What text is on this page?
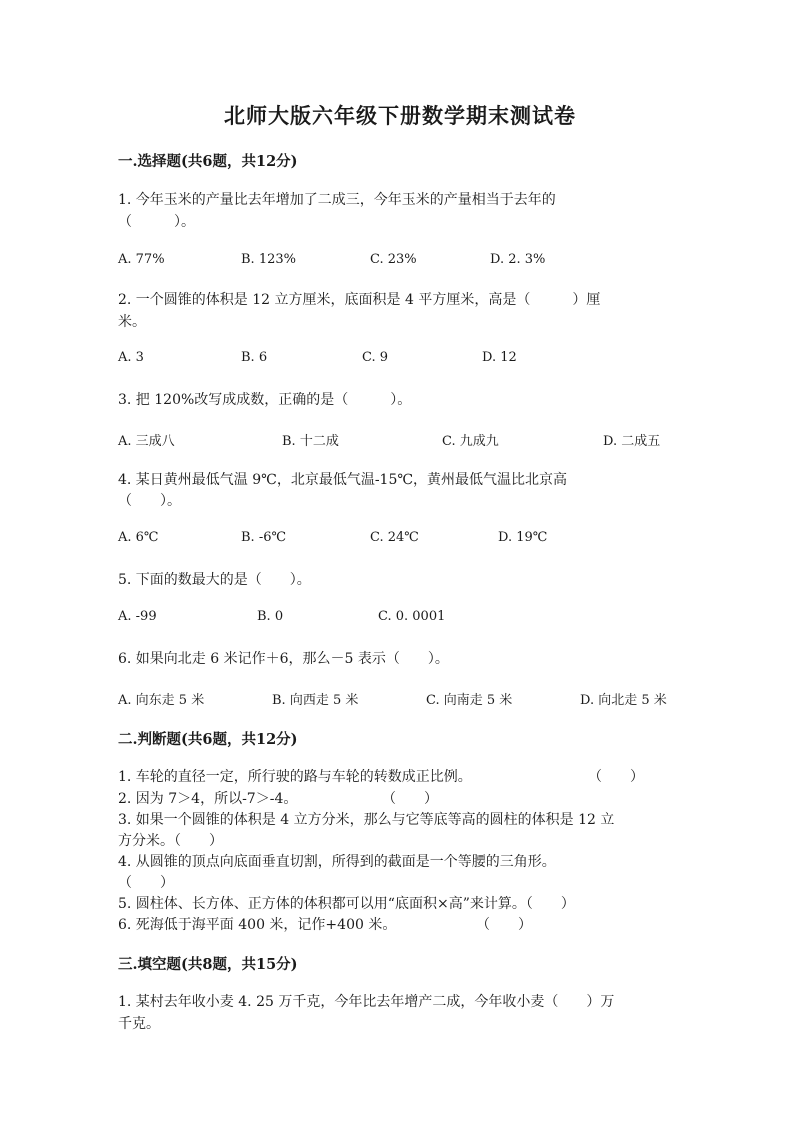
北师大版六年级下册数学期末测试卷
一.选择题(共6题，共12分)
1. 今年玉米的产量比去年增加了二成三，今年玉米的产量相当于去年的
（　　　）。
A. 77%	B. 123%	C. 23%	D. 2. 3%
2. 一个圆锥的体积是 12 立方厘米，底面积是 4 平方厘米，高是（　　　）厘
米。
A. 3	B. 6	C. 9	D. 12
3. 把 120%改写成成数，正确的是（　　　）。
A. 三成八	B. 十二成	C. 九成九	D. 二成五
4. 某日黄州最低气温 9℃，北京最低气温-15℃，黄州最低气温比北京高
（　　）。
A. 6℃	B. -6℃	C. 24℃	D. 19℃
5. 下面的数最大的是（　　）。
A. -99	B. 0	C. 0. 0001
6. 如果向北走 6 米记作＋6，那么－5 表示（　　）。
A. 向东走 5 米	B. 向西走 5 米	C. 向南走 5 米	D. 向北走 5 米
二.判断题(共6题，共12分)
1. 车轮的直径一定，所行驶的路与车轮的转数成正比例。	（　　）
2. 因为 7＞4，所以-7＞-4。	（　　）
3. 如果一个圆锥的体积是 4 立方分米，那么与它等底等高的圆柱的体积是 12 立
方分米。（　　）
4. 从圆锥的顶点向底面垂直切割，所得到的截面是一个等腰的三角形。
（　　）
5. 圆柱体、长方体、正方体的体积都可以用“底面积×高”来计算。（　　）
6. 死海低于海平面 400 米，记作+400 米。	（　　）
三.填空题(共8题，共15分)
1. 某村去年收小麦 4. 25 万千克，今年比去年增产二成，今年收小麦（　　）万
千克。
